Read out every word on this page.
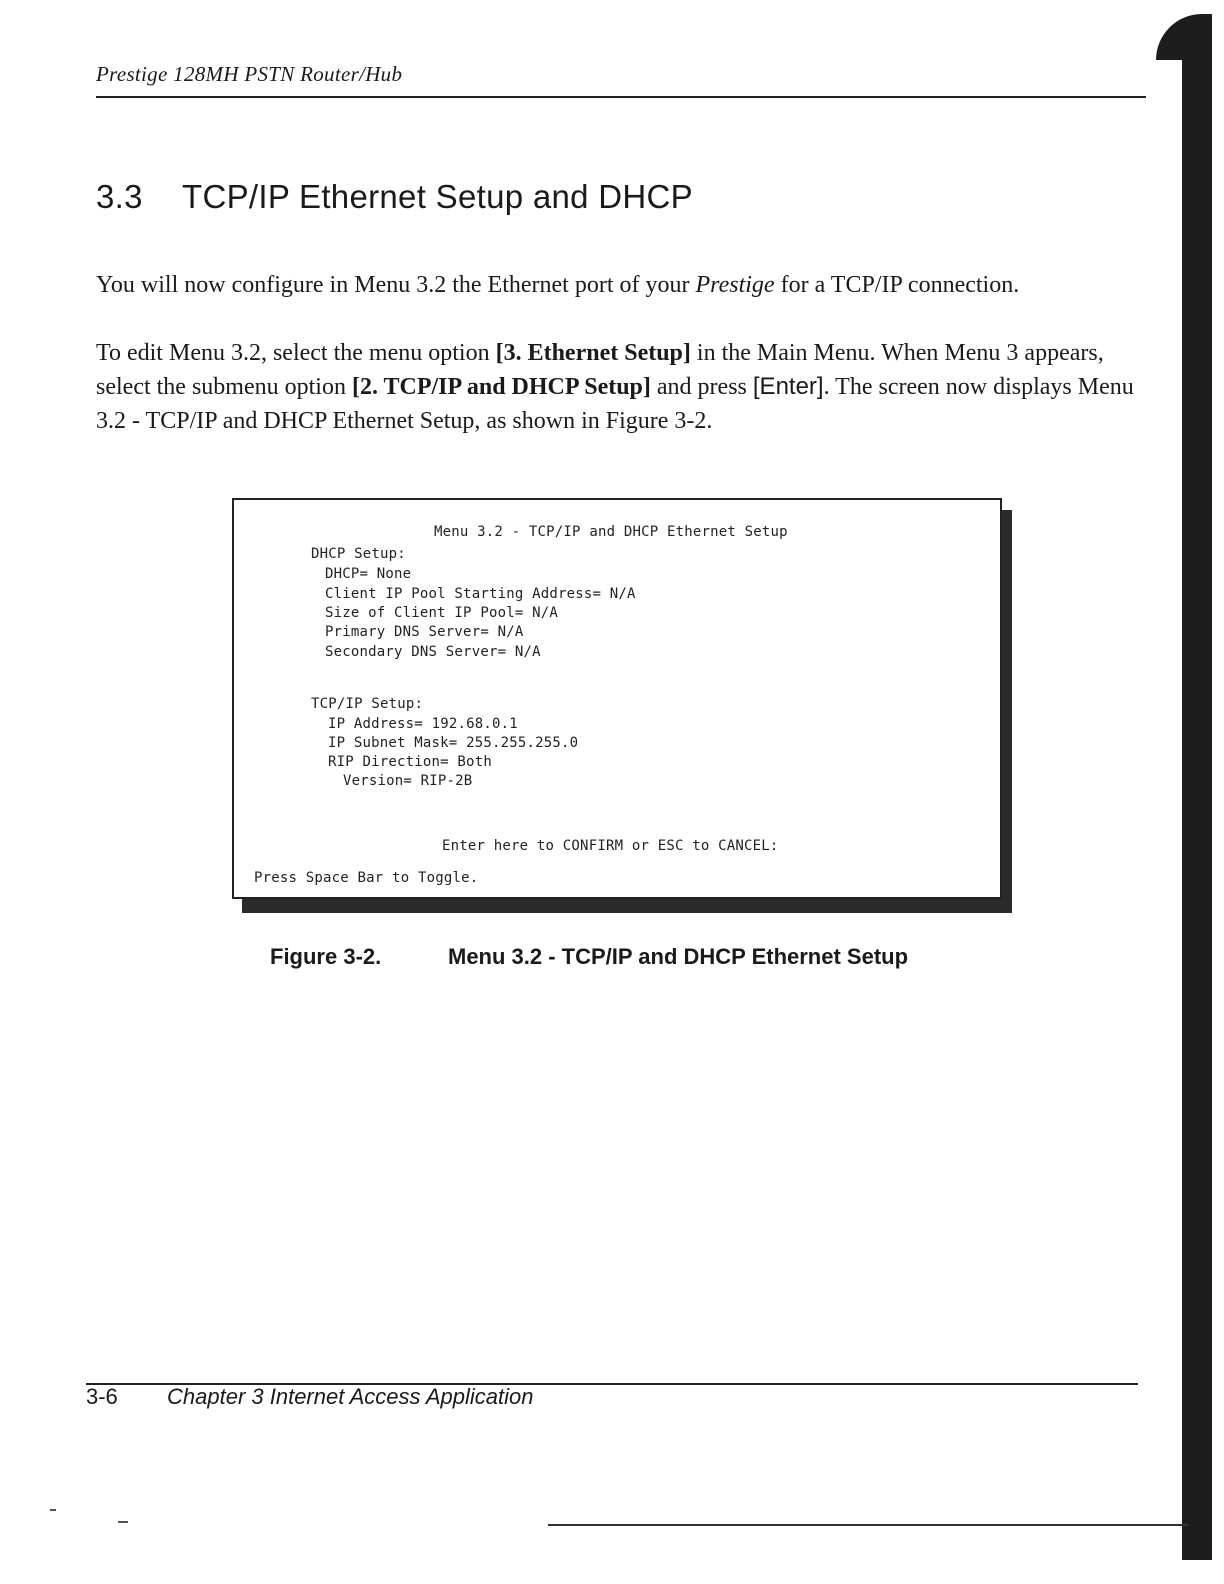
Prestige 128MH PSTN Router/Hub
3.3 TCP/IP Ethernet Setup and DHCP
You will now configure in Menu 3.2 the Ethernet port of your Prestige for a TCP/IP connection.
To edit Menu 3.2, select the menu option [3. Ethernet Setup] in the Main Menu. When Menu 3 appears, select the submenu option [2. TCP/IP and DHCP Setup] and press [Enter]. The screen now displays Menu 3.2 - TCP/IP and DHCP Ethernet Setup, as shown in Figure 3-2.
Menu 3.2 - TCP/IP and DHCP Ethernet Setup
DHCP Setup:
DHCP= None
Client IP Pool Starting Address= N/A
Size of Client IP Pool= N/A
Primary DNS Server= N/A
Secondary DNS Server= N/A
TCP/IP Setup:
IP Address= 192.68.0.1
IP Subnet Mask= 255.255.255.0
RIP Direction= Both
Version= RIP-2B
Enter here to CONFIRM or ESC to CANCEL:
Press Space Bar to Toggle.
Figure 3-2.	Menu 3.2 - TCP/IP and DHCP Ethernet Setup
3-6 Chapter 3 Internet Access Application
